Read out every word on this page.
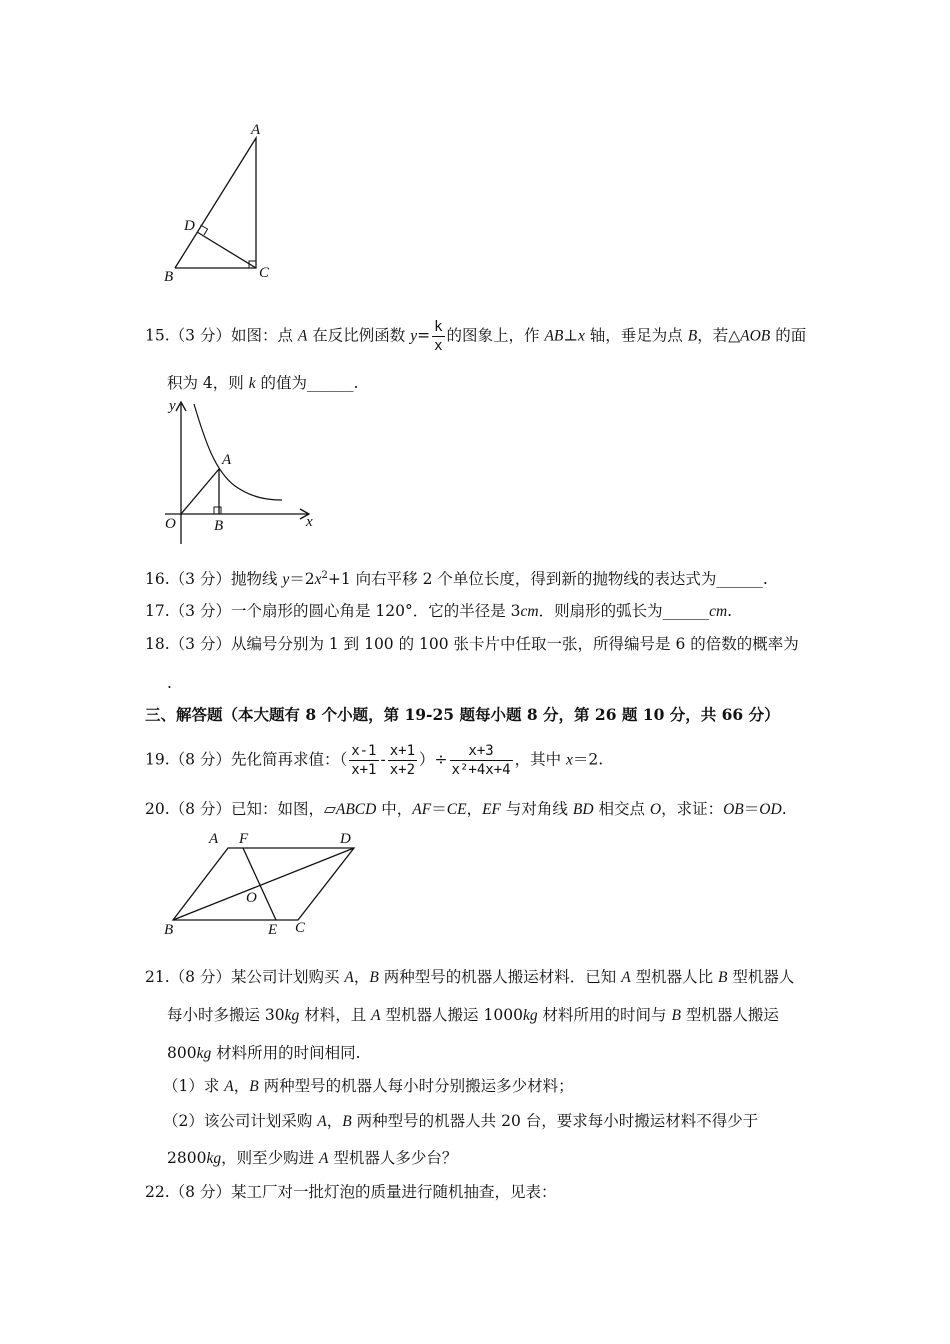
A
D
B	C
15.（3 分）如图：点 A 在反比例函数 $y= \frac{k}{x}$ 的图象上，作 AB⊥x 轴，垂足为点 B，若△AOB 的面
积为 4，则 k 的值为______.
y
x
O
A
B
16.（3 分）抛物线 $y=2x^2+1$ 向右平移 2 个单位长度，得到新的抛物线的表达式为______.
17.（3 分）一个扇形的圆心角是 120°．它的半径是 3cm．则扇形的弧长为______cm.
18.（3 分）从编号分别为 1 到 100 的 100 张卡片中任取一张，所得编号是 6 的倍数的概率为
.
三、解答题（本大题有 8 个小题，第 19-25 题每小题 8 分，第 26 题 10 分，共 66 分）
19.（8 分）先化简再求值：（ $\frac{x-1}{x+1} - \frac{x+1}{x+2}$ ）÷ $\frac{x+3}{\text{x²+4x+4}}$ ，其中 x＝2.
20.（8 分）已知：如图，▱ABCD 中，AF＝CE，EF 与对角线 BD 相交点 O，求证：OB＝OD.
A F	D
O
B	E C
21.（8 分）某公司计划购买 A，B 两种型号的机器人搬运材料．已知 A 型机器人比 B 型机器人
每小时多搬运 30kg 材料，且 A 型机器人搬运 1000kg 材料所用的时间与 B 型机器人搬运
800kg 材料所用的时间相同.
（1）求 A，B 两种型号的机器人每小时分别搬运多少材料；
（2）该公司计划采购 A，B 两种型号的机器人共 20 台，要求每小时搬运材料不得少于
2800kg，则至少购进 A 型机器人多少台？
22.（8 分）某工厂对一批灯泡的质量进行随机抽查，见表：
